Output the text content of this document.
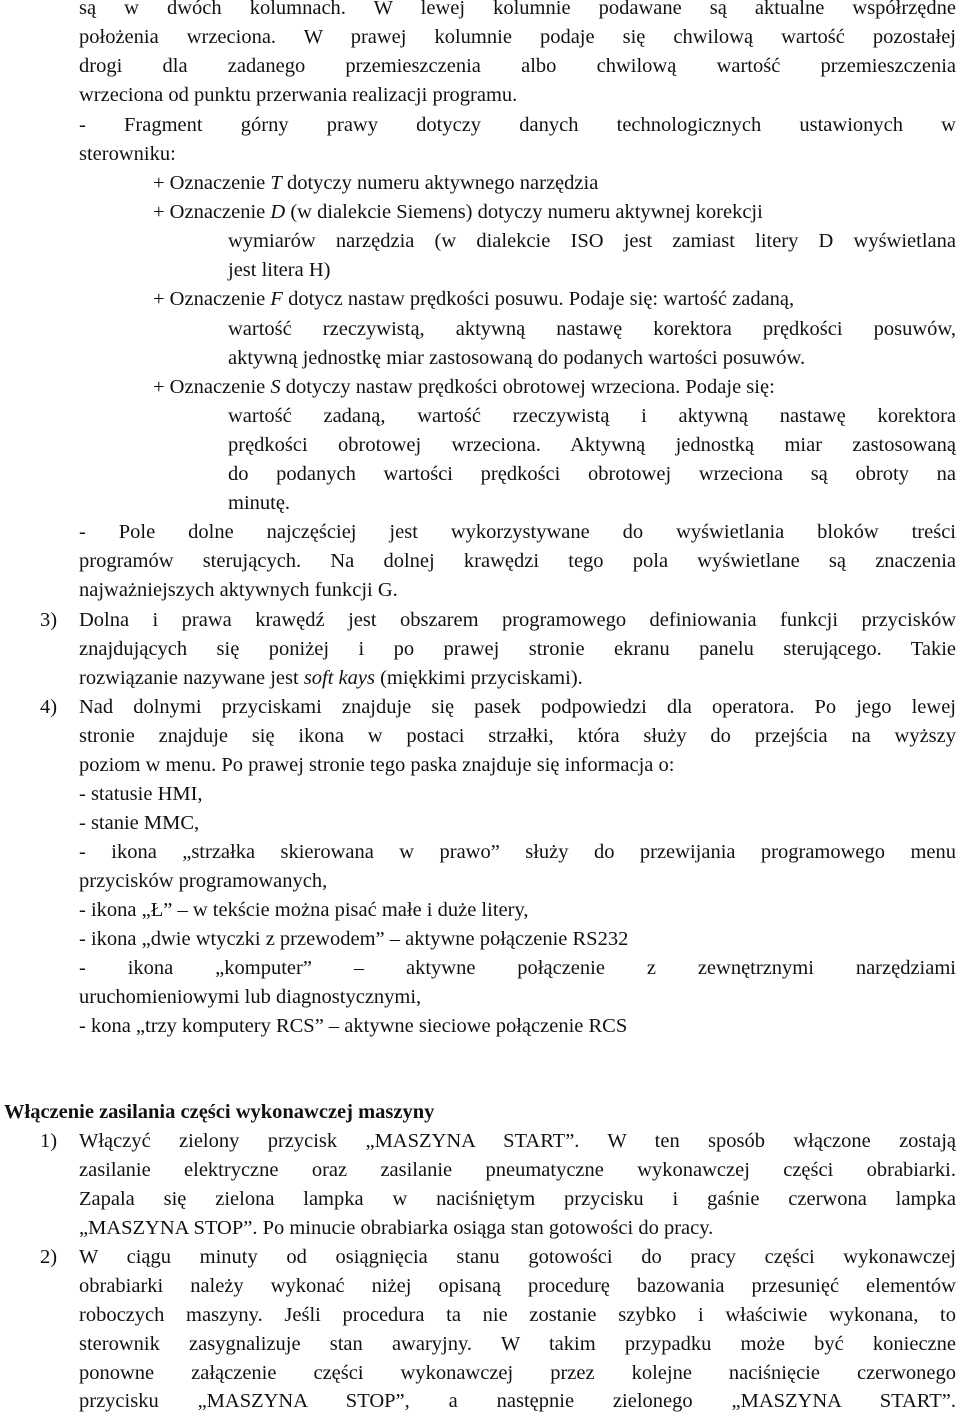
są w dwóch kolumnach. W lewej kolumnie podawane są aktualne współrzędne
położenia wrzeciona. W prawej kolumnie podaje się chwilową wartość pozostałej
drogi dla zadanego przemieszczenia albo chwilową wartość przemieszczenia
wrzeciona od punktu przerwania realizacji programu.
- Fragment górny prawy dotyczy danych technologicznych ustawionych w
sterowniku:
+ Oznaczenie T dotyczy numeru aktywnego narzędzia
+ Oznaczenie D (w dialekcie Siemens) dotyczy numeru aktywnej korekcji
wymiarów narzędzia (w dialekcie ISO jest zamiast litery D wyświetlana
jest litera H)
+ Oznaczenie F dotycz nastaw prędkości posuwu. Podaje się: wartość zadaną,
wartość rzeczywistą, aktywną nastawę korektora prędkości posuwów,
aktywną jednostkę miar zastosowaną do podanych wartości posuwów.
+ Oznaczenie S dotyczy nastaw prędkości obrotowej wrzeciona. Podaje się:
wartość zadaną, wartość rzeczywistą i aktywną nastawę korektora
prędkości obrotowej wrzeciona. Aktywną jednostką miar zastosowaną
do podanych wartości prędkości obrotowej wrzeciona są obroty na
minutę.
- Pole dolne najczęściej jest wykorzystywane do wyświetlania bloków treści
programów sterujących. Na dolnej krawędzi tego pola wyświetlane są znaczenia
najważniejszych aktywnych funkcji G.
3) Dolna i prawa krawędź jest obszarem programowego definiowania funkcji przycisków
znajdujących się poniżej i po prawej stronie ekranu panelu sterującego. Takie
rozwiązanie nazywane jest soft kays (miękkimi przyciskami).
4) Nad dolnymi przyciskami znajduje się pasek podpowiedzi dla operatora. Po jego lewej
stronie znajduje się ikona w postaci strzałki, która służy do przejścia na wyższy
poziom w menu. Po prawej stronie tego paska znajduje się informacja o:
- statusie HMI,
- stanie MMC,
- ikona „strzałka skierowana w prawo” służy do przewijania programowego menu
przycisków programowanych,
- ikona „Ł” – w tekście można pisać małe i duże litery,
- ikona „dwie wtyczki z przewodem” – aktywne połączenie RS232
- ikona „komputer” – aktywne połączenie z zewnętrznymi narzędziami
uruchomieniowymi lub diagnostycznymi,
- kona „trzy komputery RCS” – aktywne sieciowe połączenie RCS
Włączenie zasilania części wykonawczej maszyny
1) Włączyć zielony przycisk „MASZYNA START”. W ten sposób włączone zostają
zasilanie elektryczne oraz zasilanie pneumatyczne wykonawczej części obrabiarki.
Zapala się zielona lampka w naciśniętym przycisku i gaśnie czerwona lampka
„MASZYNA STOP”. Po minucie obrabiarka osiąga stan gotowości do pracy.
2) W ciągu minuty od osiągnięcia stanu gotowości do pracy części wykonawczej
obrabiarki należy wykonać niżej opisaną procedurę bazowania przesunięć elementów
roboczych maszyny. Jeśli procedura ta nie zostanie szybko i właściwie wykonana, to
sterownik zasygnalizuje stan awaryjny. W takim przypadku może być konieczne
ponowne załączenie części wykonawczej przez kolejne naciśnięcie czerwonego
przycisku „MASZYNA STOP”, a następnie zielonego „MASZYNA START”.
